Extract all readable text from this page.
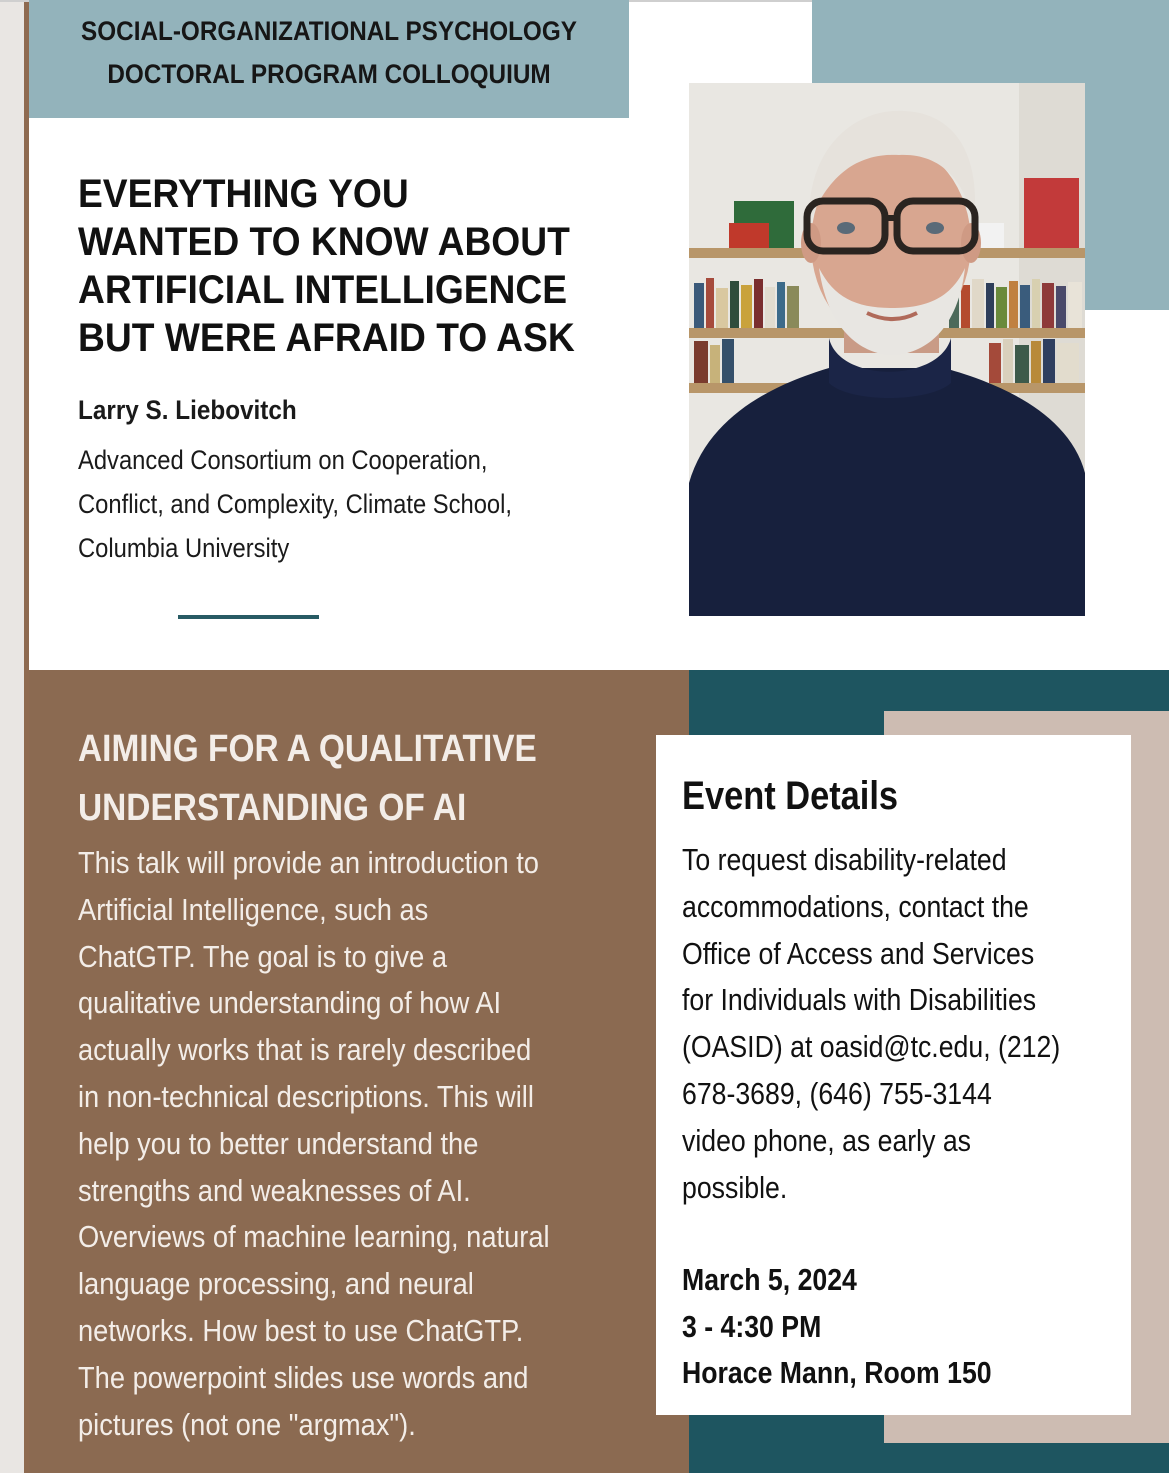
SOCIAL-ORGANIZATIONAL PSYCHOLOGY
DOCTORAL PROGRAM COLLOQUIUM
EVERYTHING YOU
WANTED TO KNOW ABOUT
ARTIFICIAL INTELLIGENCE
BUT WERE AFRAID TO ASK
Larry S. Liebovitch
Advanced Consortium on Cooperation,
Conflict, and Complexity, Climate School,
Columbia University
AIMING FOR A QUALITATIVE
UNDERSTANDING OF AI
This talk will provide an introduction to
Artificial Intelligence, such as
ChatGTP. The goal is to give a
qualitative understanding of how AI
actually works that is rarely described
in non-technical descriptions. This will
help you to better understand the
strengths and weaknesses of AI.
Overviews of machine learning, natural
language processing, and neural
networks. How best to use ChatGTP.
The powerpoint slides use words and
pictures (not one "argmax").
Event Details
To request disability-related
accommodations, contact the
Office of Access and Services
for Individuals with Disabilities
(OASID) at oasid@tc.edu, (212)
678-3689, (646) 755-3144
video phone, as early as
possible.
March 5, 2024
3 - 4:30 PM
Horace Mann, Room 150
